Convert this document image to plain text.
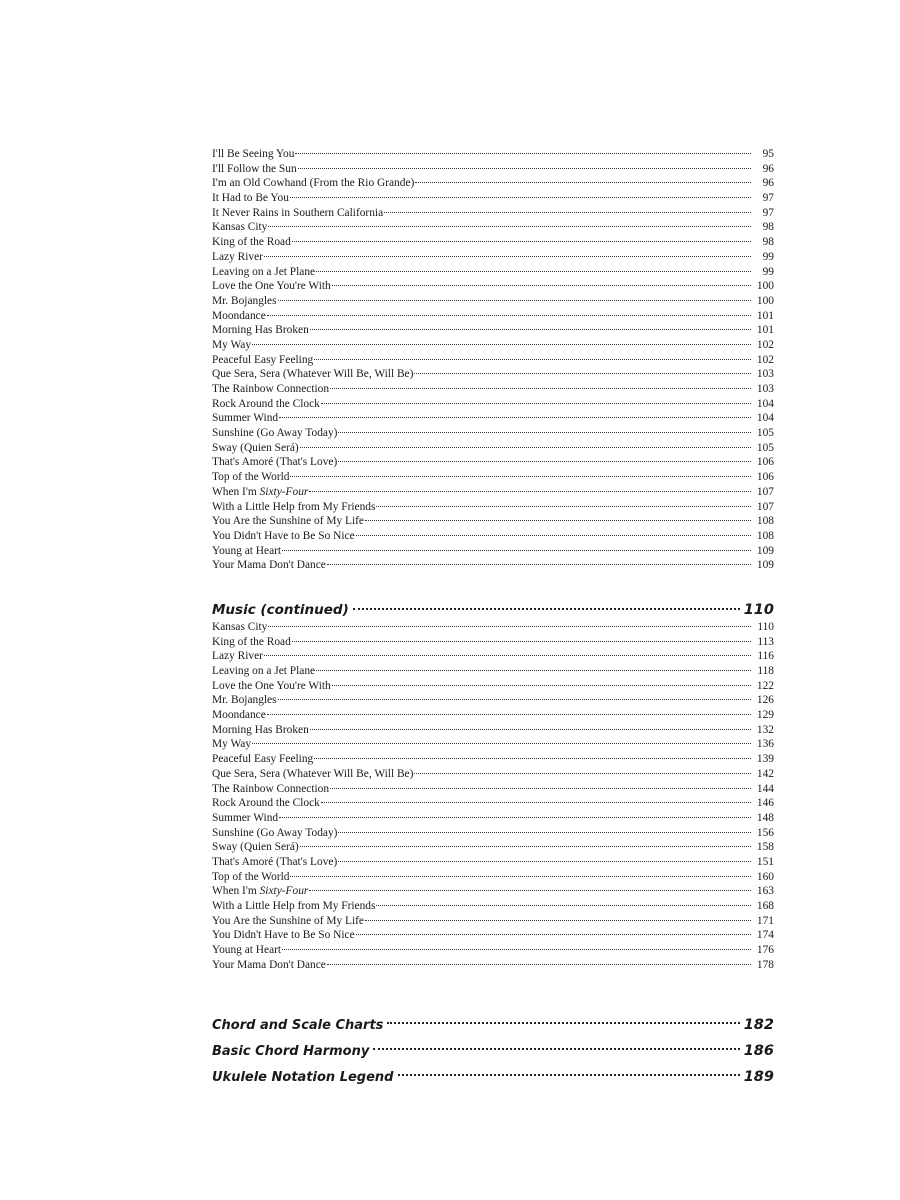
I'll Be Seeing You	95
I'll Follow the Sun	96
I'm an Old Cowhand (From the Rio Grande)	96
It Had to Be You	97
It Never Rains in Southern California	97
Kansas City	98
King of the Road	98
Lazy River	99
Leaving on a Jet Plane	99
Love the One You're With	100
Mr. Bojangles	100
Moondance	101
Morning Has Broken	101
My Way	102
Peaceful Easy Feeling	102
Que Sera, Sera (Whatever Will Be, Will Be)	103
The Rainbow Connection	103
Rock Around the Clock	104
Summer Wind	104
Sunshine (Go Away Today)	105
Sway (Quien Será)	105
That's Amoré (That's Love)	106
Top of the World	106
When I'm Sixty-Four	107
With a Little Help from My Friends	107
You Are the Sunshine of My Life	108
You Didn't Have to Be So Nice	108
Young at Heart	109
Your Mama Don't Dance	109
Music (continued)	110
Kansas City	110
King of the Road	113
Lazy River	116
Leaving on a Jet Plane	118
Love the One You're With	122
Mr. Bojangles	126
Moondance	129
Morning Has Broken	132
My Way	136
Peaceful Easy Feeling	139
Que Sera, Sera (Whatever Will Be, Will Be)	142
The Rainbow Connection	144
Rock Around the Clock	146
Summer Wind	148
Sunshine (Go Away Today)	156
Sway (Quien Será)	158
That's Amoré (That's Love)	151
Top of the World	160
When I'm Sixty-Four	163
With a Little Help from My Friends	168
You Are the Sunshine of My Life	171
You Didn't Have to Be So Nice	174
Young at Heart	176
Your Mama Don't Dance	178
Chord and Scale Charts	182
Basic Chord Harmony	186
Ukulele Notation Legend	189
